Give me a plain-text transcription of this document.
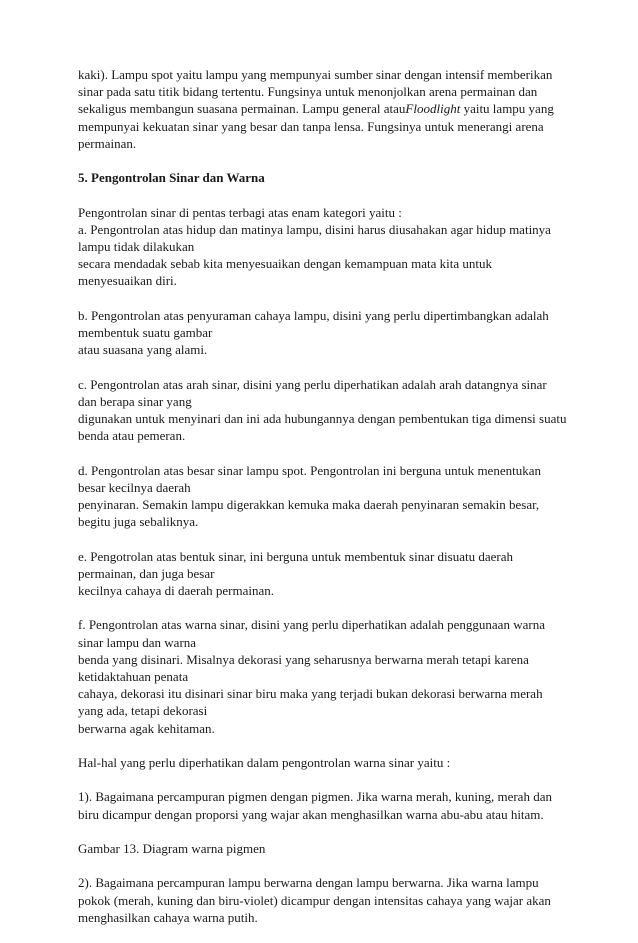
kaki). Lampu spot yaitu lampu yang mempunyai sumber sinar dengan intensif memberikan
sinar pada satu titik bidang tertentu. Fungsinya untuk menonjolkan arena permainan dan
sekaligus membangun suasana permainan. Lampu general atauFloodlight yaitu lampu yang
mempunyai kekuatan sinar yang besar dan tanpa lensa. Fungsinya untuk menerangi arena
permainan.

5. Pengontrolan Sinar dan Warna

Pengontrolan sinar di pentas terbagi atas enam kategori yaitu :
a. Pengontrolan atas hidup dan matinya lampu, disini harus diusahakan agar hidup matinya
lampu tidak dilakukan
secara mendadak sebab kita menyesuaikan dengan kemampuan mata kita untuk
menyesuaikan diri.

b. Pengontrolan atas penyuraman cahaya lampu, disini yang perlu dipertimbangkan adalah
membentuk suatu gambar
atau suasana yang alami.

c. Pengontrolan atas arah sinar, disini yang perlu diperhatikan adalah arah datangnya sinar
dan berapa sinar yang
digunakan untuk menyinari dan ini ada hubungannya dengan pembentukan tiga dimensi suatu
benda atau pemeran.

d. Pengontrolan atas besar sinar lampu spot. Pengontrolan ini berguna untuk menentukan
besar kecilnya daerah
penyinaran. Semakin lampu digerakkan kemuka maka daerah penyinaran semakin besar,
begitu juga sebaliknya.

e. Pengotrolan atas bentuk sinar, ini berguna untuk membentuk sinar disuatu daerah
permainan, dan juga besar
kecilnya cahaya di daerah permainan.

f. Pengontrolan atas warna sinar, disini yang perlu diperhatikan adalah penggunaan warna
sinar lampu dan warna
benda yang disinari. Misalnya dekorasi yang seharusnya berwarna merah tetapi karena
ketidaktahuan penata
cahaya, dekorasi itu disinari sinar biru maka yang terjadi bukan dekorasi berwarna merah
yang ada, tetapi dekorasi
berwarna agak kehitaman.

Hal-hal yang perlu diperhatikan dalam pengontrolan warna sinar yaitu :

1). Bagaimana percampuran pigmen dengan pigmen. Jika warna merah, kuning, merah dan
biru dicampur dengan proporsi yang wajar akan menghasilkan warna abu-abu atau hitam.

Gambar 13. Diagram warna pigmen

2). Bagaimana percampuran lampu berwarna dengan lampu berwarna. Jika warna lampu
pokok (merah, kuning dan biru-violet) dicampur dengan intensitas cahaya yang wajar akan
menghasilkan cahaya warna putih.
